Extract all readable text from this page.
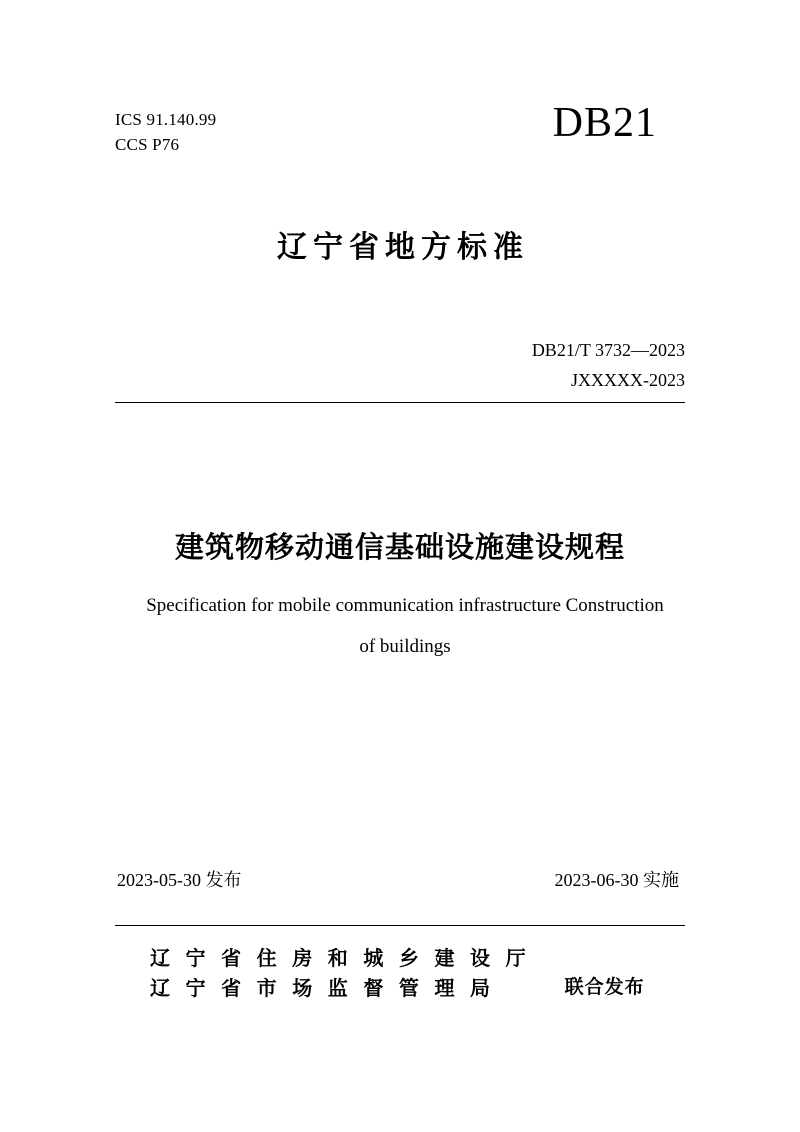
ICS 91.140.99
CCS P76	DB21
辽宁省地方标准
DB21/T 3732—2023
JXXXXX-2023
建筑物移动通信基础设施建设规程
Specification for mobile communication infrastructure Construction
of buildings
2023-05-30 发布	2023-06-30 实施
辽 宁 省 住 房 和 城 乡 建 设 厅
辽 宁 省 市 场 监 督 管 理 局	联合发布
